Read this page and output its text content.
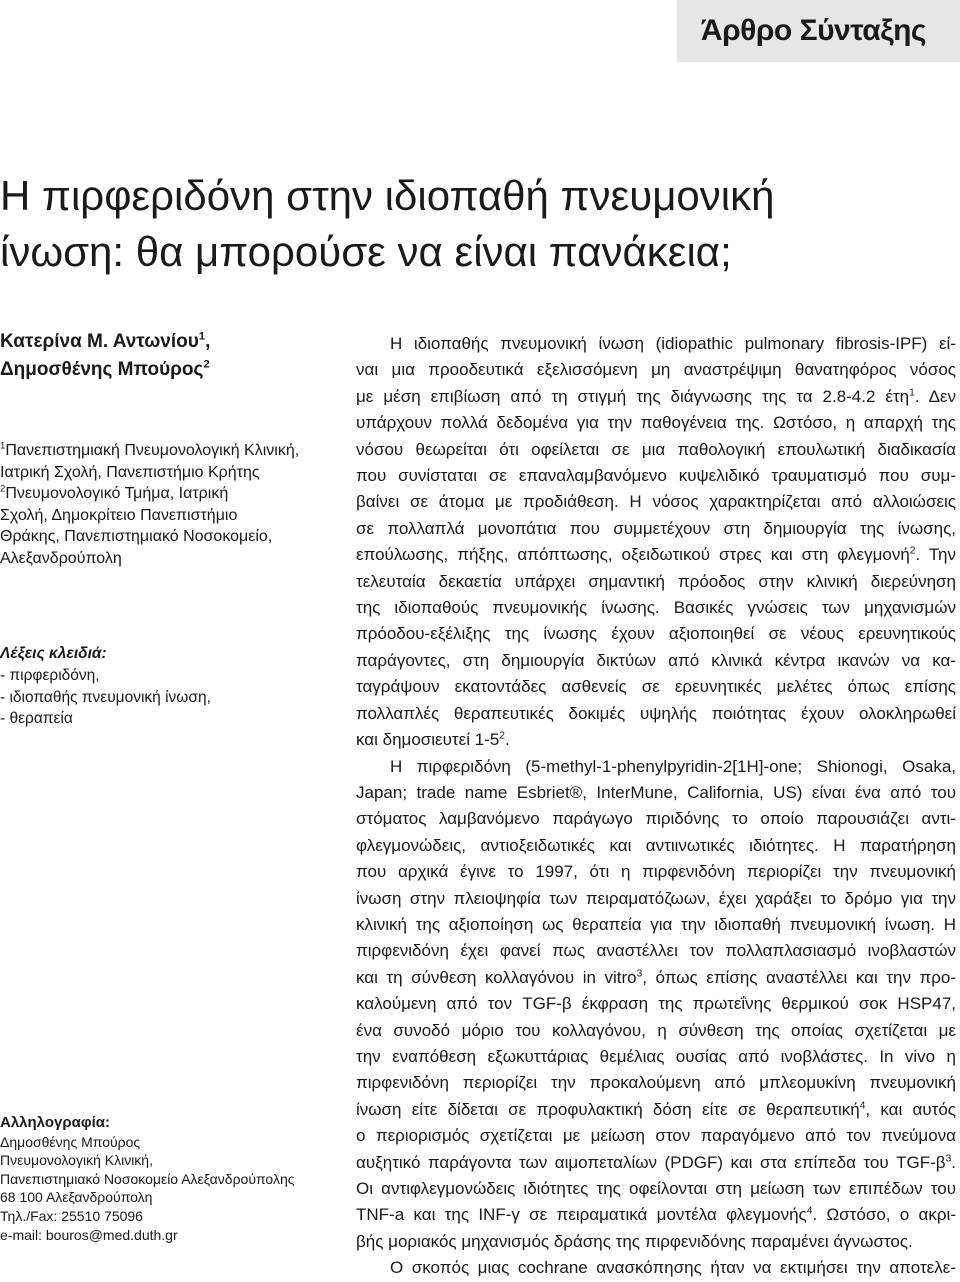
Άρθρο Σύνταξης
Η πιρφεριδόνη στην ιδιοπαθή πνευμονική
ίνωση: θα μπορούσε να είναι πανάκεια;
Κατερίνα Μ. Αντωνίου$^1$,
Δημοσθένης Μπούρος$^2$
$^1$Πανεπιστημιακή Πνευμονολογική Κλινική,
Ιατρική Σχολή, Πανεπιστήμιο Κρήτης
$^2$Πνευμονολογικό Τμήμα, Ιατρική
Σχολή, Δημοκρίτειο Πανεπιστήμιο
Θράκης, Πανεπιστημιακό Νοσοκομείο,
Αλεξανδρούπολη
Λέξεις κλειδιά:
- πιρφεριδόνη,
- ιδιοπαθής πνευμονική ίνωση,
- θεραπεία
Αλληλογραφία:
Δημοσθένης Μπούρος
Πνευμονολογική Κλινική,
Πανεπιστημιακό Νοσοκομείο Αλεξανδρούπολης
68 100 Αλεξανδρούπολη
Τηλ./Fax: 25510 75096
e-mail: bouros@med.duth.gr
Η ιδιοπαθής πνευμονική ίνωση (idiopathic pulmonary fibrosis-IPF) εί-
ναι μια προοδευτικά εξελισσόμενη μη αναστρέψιμη θανατηφόρος νόσος
με μέση επιβίωση από τη στιγμή της διάγνωσης της τα 2.8-4.2 έτη$^1$. Δεν
υπάρχουν πολλά δεδομένα για την παθογένεια της. Ωστόσο, η απαρχή της
νόσου θεωρείται ότι οφείλεται σε μια παθολογική επουλωτική διαδικασία
που συνίσταται σε επαναλαμβανόμενο κυψελιδικό τραυματισμό που συμ-
βαίνει σε άτομα με προδιάθεση. Η νόσος χαρακτηρίζεται από αλλοιώσεις
σε πολλαπλά μονοπάτια που συμμετέχουν στη δημιουργία της ίνωσης,
επούλωσης, πήξης, απόπτωσης, οξειδωτικού στρες και στη φλεγμονή$^2$. Την
τελευταία δεκαετία υπάρχει σημαντική πρόοδος στην κλινική διερεύνηση
της ιδιοπαθούς πνευμονικής ίνωσης. Βασικές γνώσεις των μηχανισμών
πρόοδου-εξέλιξης της ίνωσης έχουν αξιοποιηθεί σε νέους ερευνητικούς
παράγοντες, στη δημιουργία δικτύων από κλινικά κέντρα ικανών να κα-
ταγράψουν εκατοντάδες ασθενείς σε ερευνητικές μελέτες όπως επίσης
πολλαπλές θεραπευτικές δοκιμές υψηλής ποιότητας έχουν ολοκληρωθεί
και δημοσιευτεί $1-5^2$.
Η πιρφεριδόνη (5-methyl-1-phenylpyridin-2[1H]-one; Shionogi, Osaka,
Japan; trade name Esbriet®, InterMune, California, US) είναι ένα από του
στόματος λαμβανόμενο παράγωγο πιριδόνης το οποίο παρουσιάζει αντι-
φλεγμονώδεις, αντιοξειδωτικές και αντιινωτικές ιδιότητες. Η παρατήρηση
που αρχικά έγινε το 1997, ότι η πιρφενιδόνη περιορίζει την πνευμονική
ίνωση στην πλειοψηφία των πειραματόζωων, έχει χαράξει το δρόμο για την
κλινική της αξιοποίηση ως θεραπεία για την ιδιοπαθή πνευμονική ίνωση. Η
πιρφενιδόνη έχει φανεί πως αναστέλλει τον πολλαπλασιασμό ινοβλαστών
και τη σύνθεση κολλαγόνου in vitro$^3$, όπως επίσης αναστέλλει και την προ-
καλούμενη από τον TGF-β έκφραση της πρωτεΐνης θερμικού σοκ HSP47,
ένα συνοδό μόριο του κολλαγόνου, η σύνθεση της οποίας σχετίζεται με
την εναπόθεση εξωκυττάριας θεμέλιας ουσίας από ινοβλάστες. In vivo η
πιρφενιδόνη περιορίζει την προκαλούμενη από μπλεομυκίνη πνευμονική
ίνωση είτε δίδεται σε προφυλακτική δόση είτε σε θεραπευτική$^4$, και αυτός
ο περιορισμός σχετίζεται με μείωση στον παραγόμενο από τον πνεύμονα
αυξητικό παράγοντα των αιμοπεταλίων (PDGF) και στα επίπεδα του TGF-$\beta^3$.
Οι αντιφλεγμονώδεις ιδιότητες της οφείλονται στη μείωση των επιπέδων του
TNF-a και της INF-γ σε πειραματικά μοντέλα φλεγμονής$^4$. Ωστόσο, ο ακρι-
βής μοριακός μηχανισμός δράσης της πιρφενιδόνης παραμένει άγνωστος.
Ο σκοπός μιας cochrane ανασκόπησης ήταν να εκτιμήσει την αποτελε-
